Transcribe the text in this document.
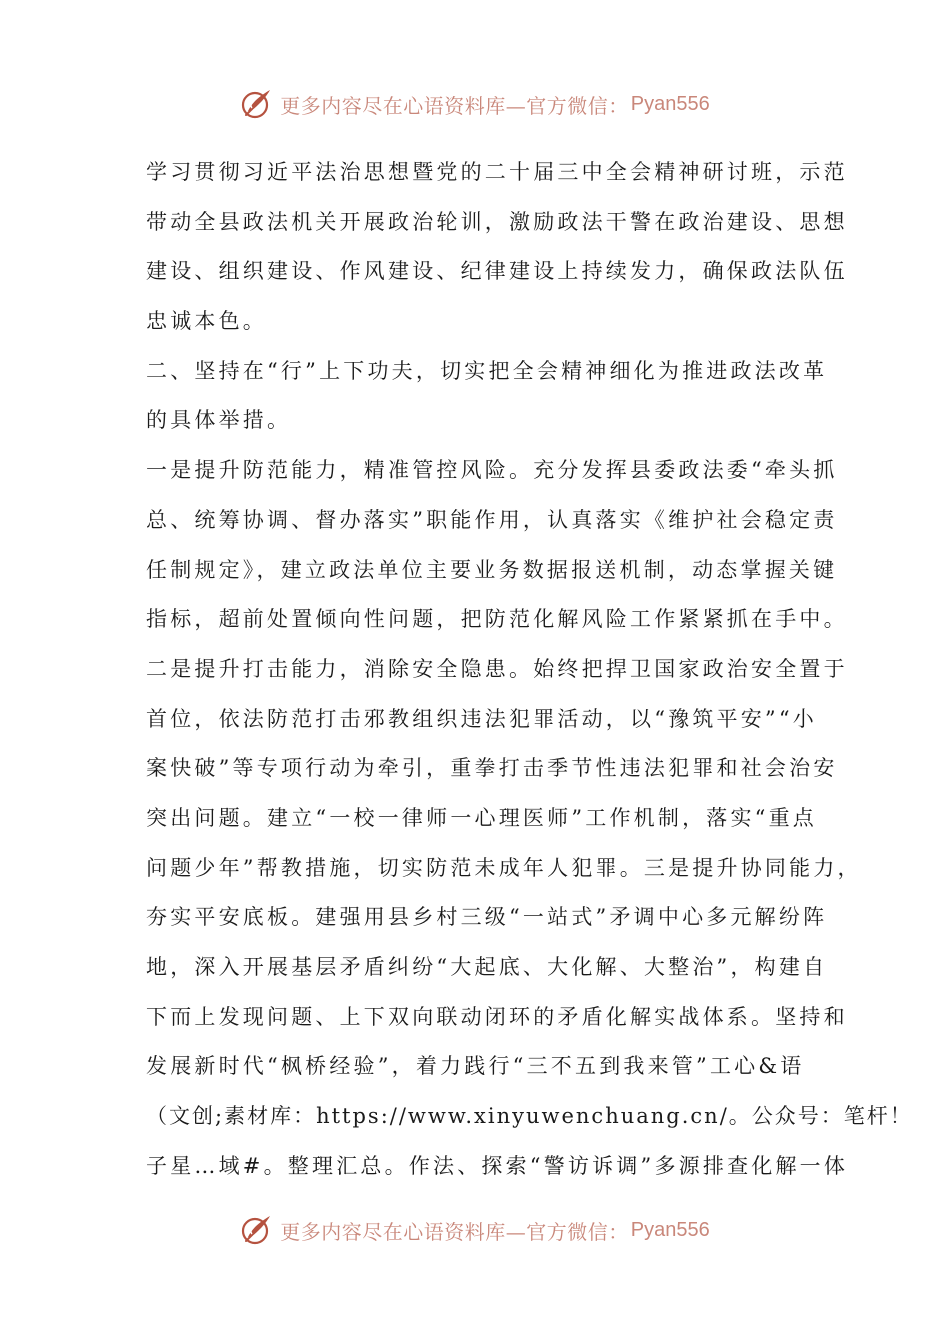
更多内容尽在心语资料库—官方微信： Pyan556
学习贯彻习近平法治思想暨党的二十届三中全会精神研讨班，示范
带动全县政法机关开展政治轮训，激励政法干警在政治建设、思想
建设、组织建设、作风建设、纪律建设上持续发力，确保政法队伍
忠诚本色。
二、坚持在“行”上下功夫，切实把全会精神细化为推进政法改革
的具体举措。
一是提升防范能力，精准管控风险。充分发挥县委政法委“牵头抓
总、统筹协调、督办落实”职能作用，认真落实《维护社会稳定责
任制规定》，建立政法单位主要业务数据报送机制，动态掌握关键
指标，超前处置倾向性问题，把防范化解风险工作紧紧抓在手中。
二是提升打击能力，消除安全隐患。始终把捍卫国家政治安全置于
首位，依法防范打击邪教组织违法犯罪活动，以“豫筑平安”“小
案快破”等专项行动为牵引，重拳打击季节性违法犯罪和社会治安
突出问题。建立“一校一律师一心理医师”工作机制，落实“重点
问题少年”帮教措施，切实防范未成年人犯罪。三是提升协同能力，
夯实平安底板。建强用县乡村三级“一站式”矛调中心多元解纷阵
地，深入开展基层矛盾纠纷“大起底、大化解、大整治”，构建自
下而上发现问题、上下双向联动闭环的矛盾化解实战体系。坚持和
发展新时代“枫桥经验”，着力践行“三不五到我来管”工心&语
（文创;素材库：https://www.xinyuwenchuang.cn/。公众号：笔杆！
子星…域#。整理汇总。作法、探索“警访诉调”多源排查化解一体
更多内容尽在心语资料库—官方微信： Pyan556
